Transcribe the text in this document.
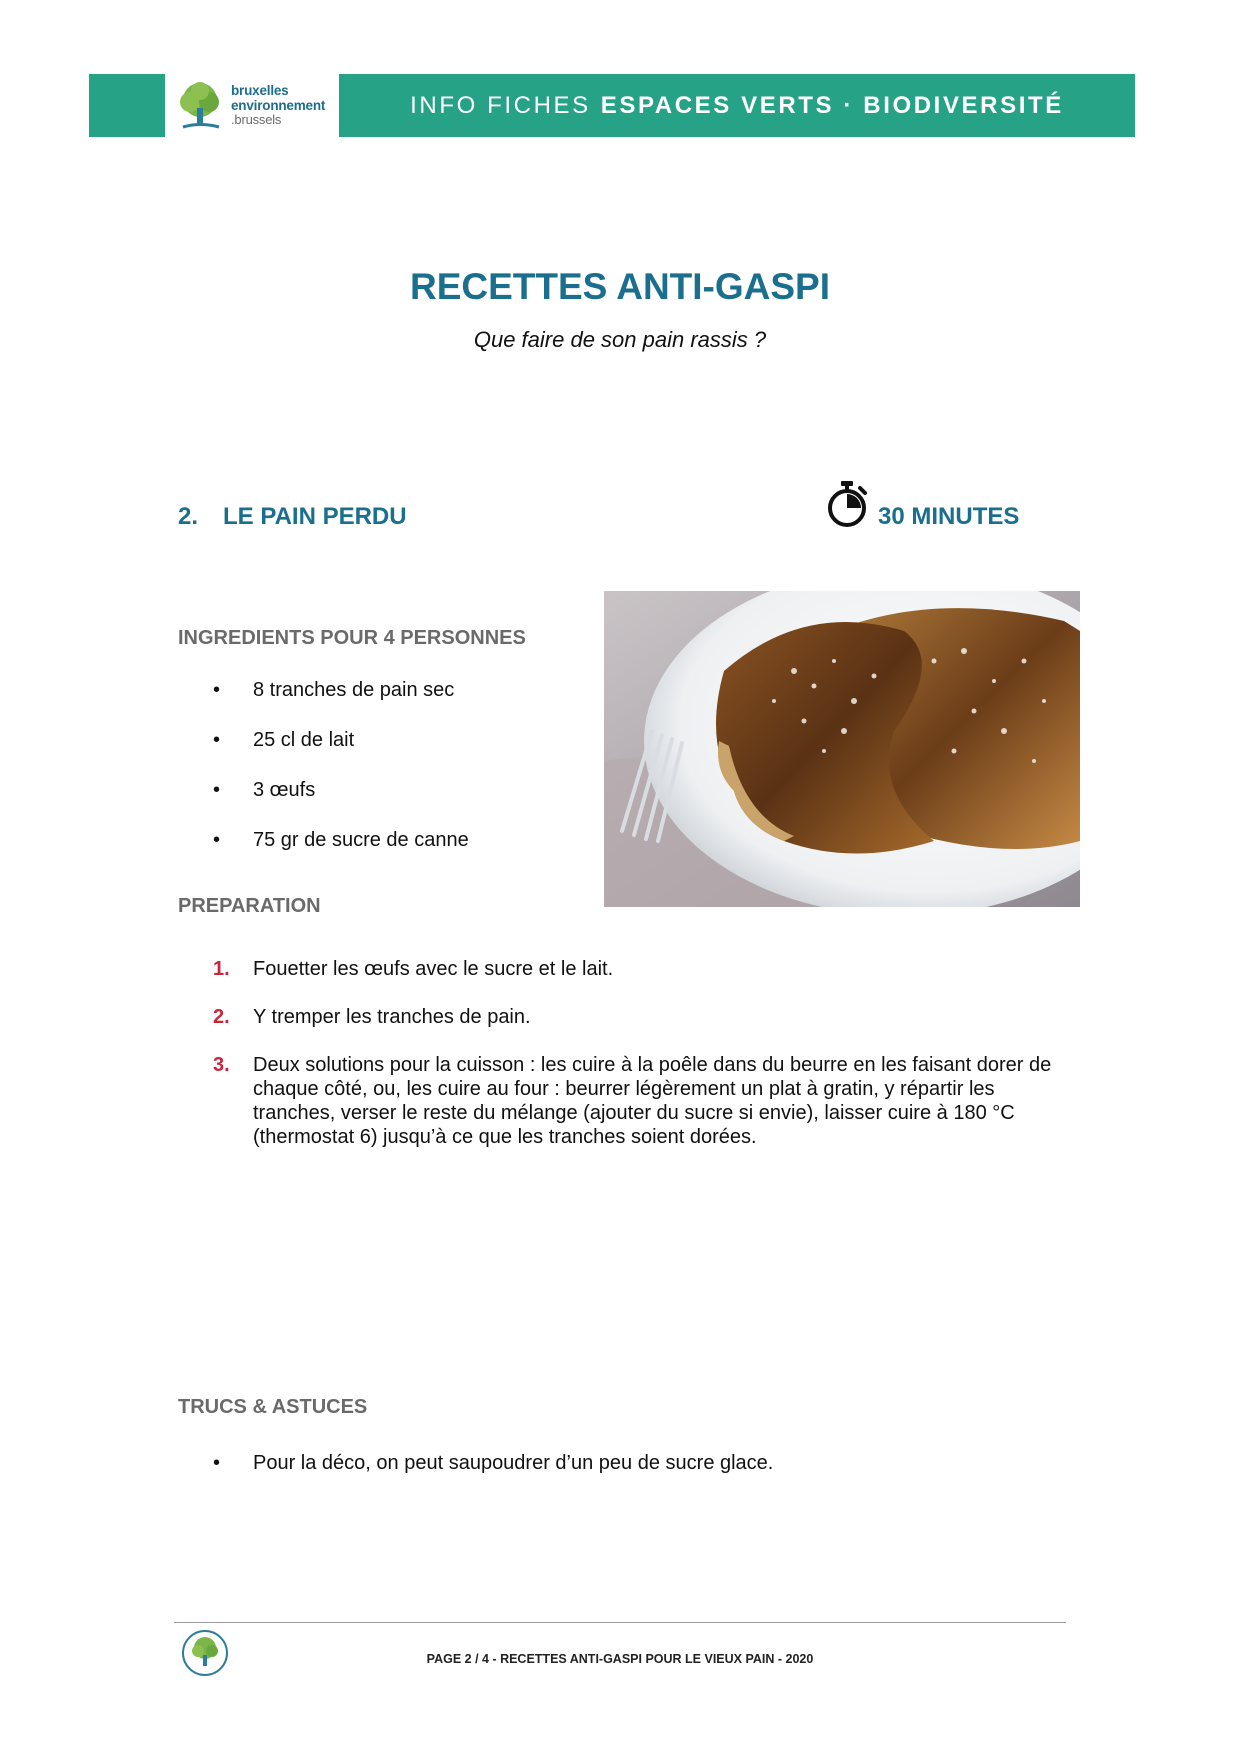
bruxelles
environnement
.brussels
INFO FICHES ESPACES VERTS · BIODIVERSITÉ
RECETTES ANTI-GASPI
Que faire de son pain rassis ?
2. LE PAIN PERDU	30 MINUTES
INGREDIENTS POUR 4 PERSONNES
• 8 tranches de pain sec
• 25 cl de lait
• 3 œufs
• 75 gr de sucre de canne
PREPARATION
1. Fouetter les œufs avec le sucre et le lait.
2. Y tremper les tranches de pain.
3. Deux solutions pour la cuisson : les cuire à la poêle dans du beurre en les faisant dorer de chaque côté, ou, les cuire au four : beurrer légèrement un plat à gratin, y répartir les tranches, verser le reste du mélange (ajouter du sucre si envie), laisser cuire à 180 °C (thermostat 6) jusqu’à ce que les tranches soient dorées.
TRUCS & ASTUCES
• Pour la déco, on peut saupoudrer d’un peu de sucre glace.
PAGE 2 / 4 - RECETTES ANTI-GASPI POUR LE VIEUX PAIN - 2020
